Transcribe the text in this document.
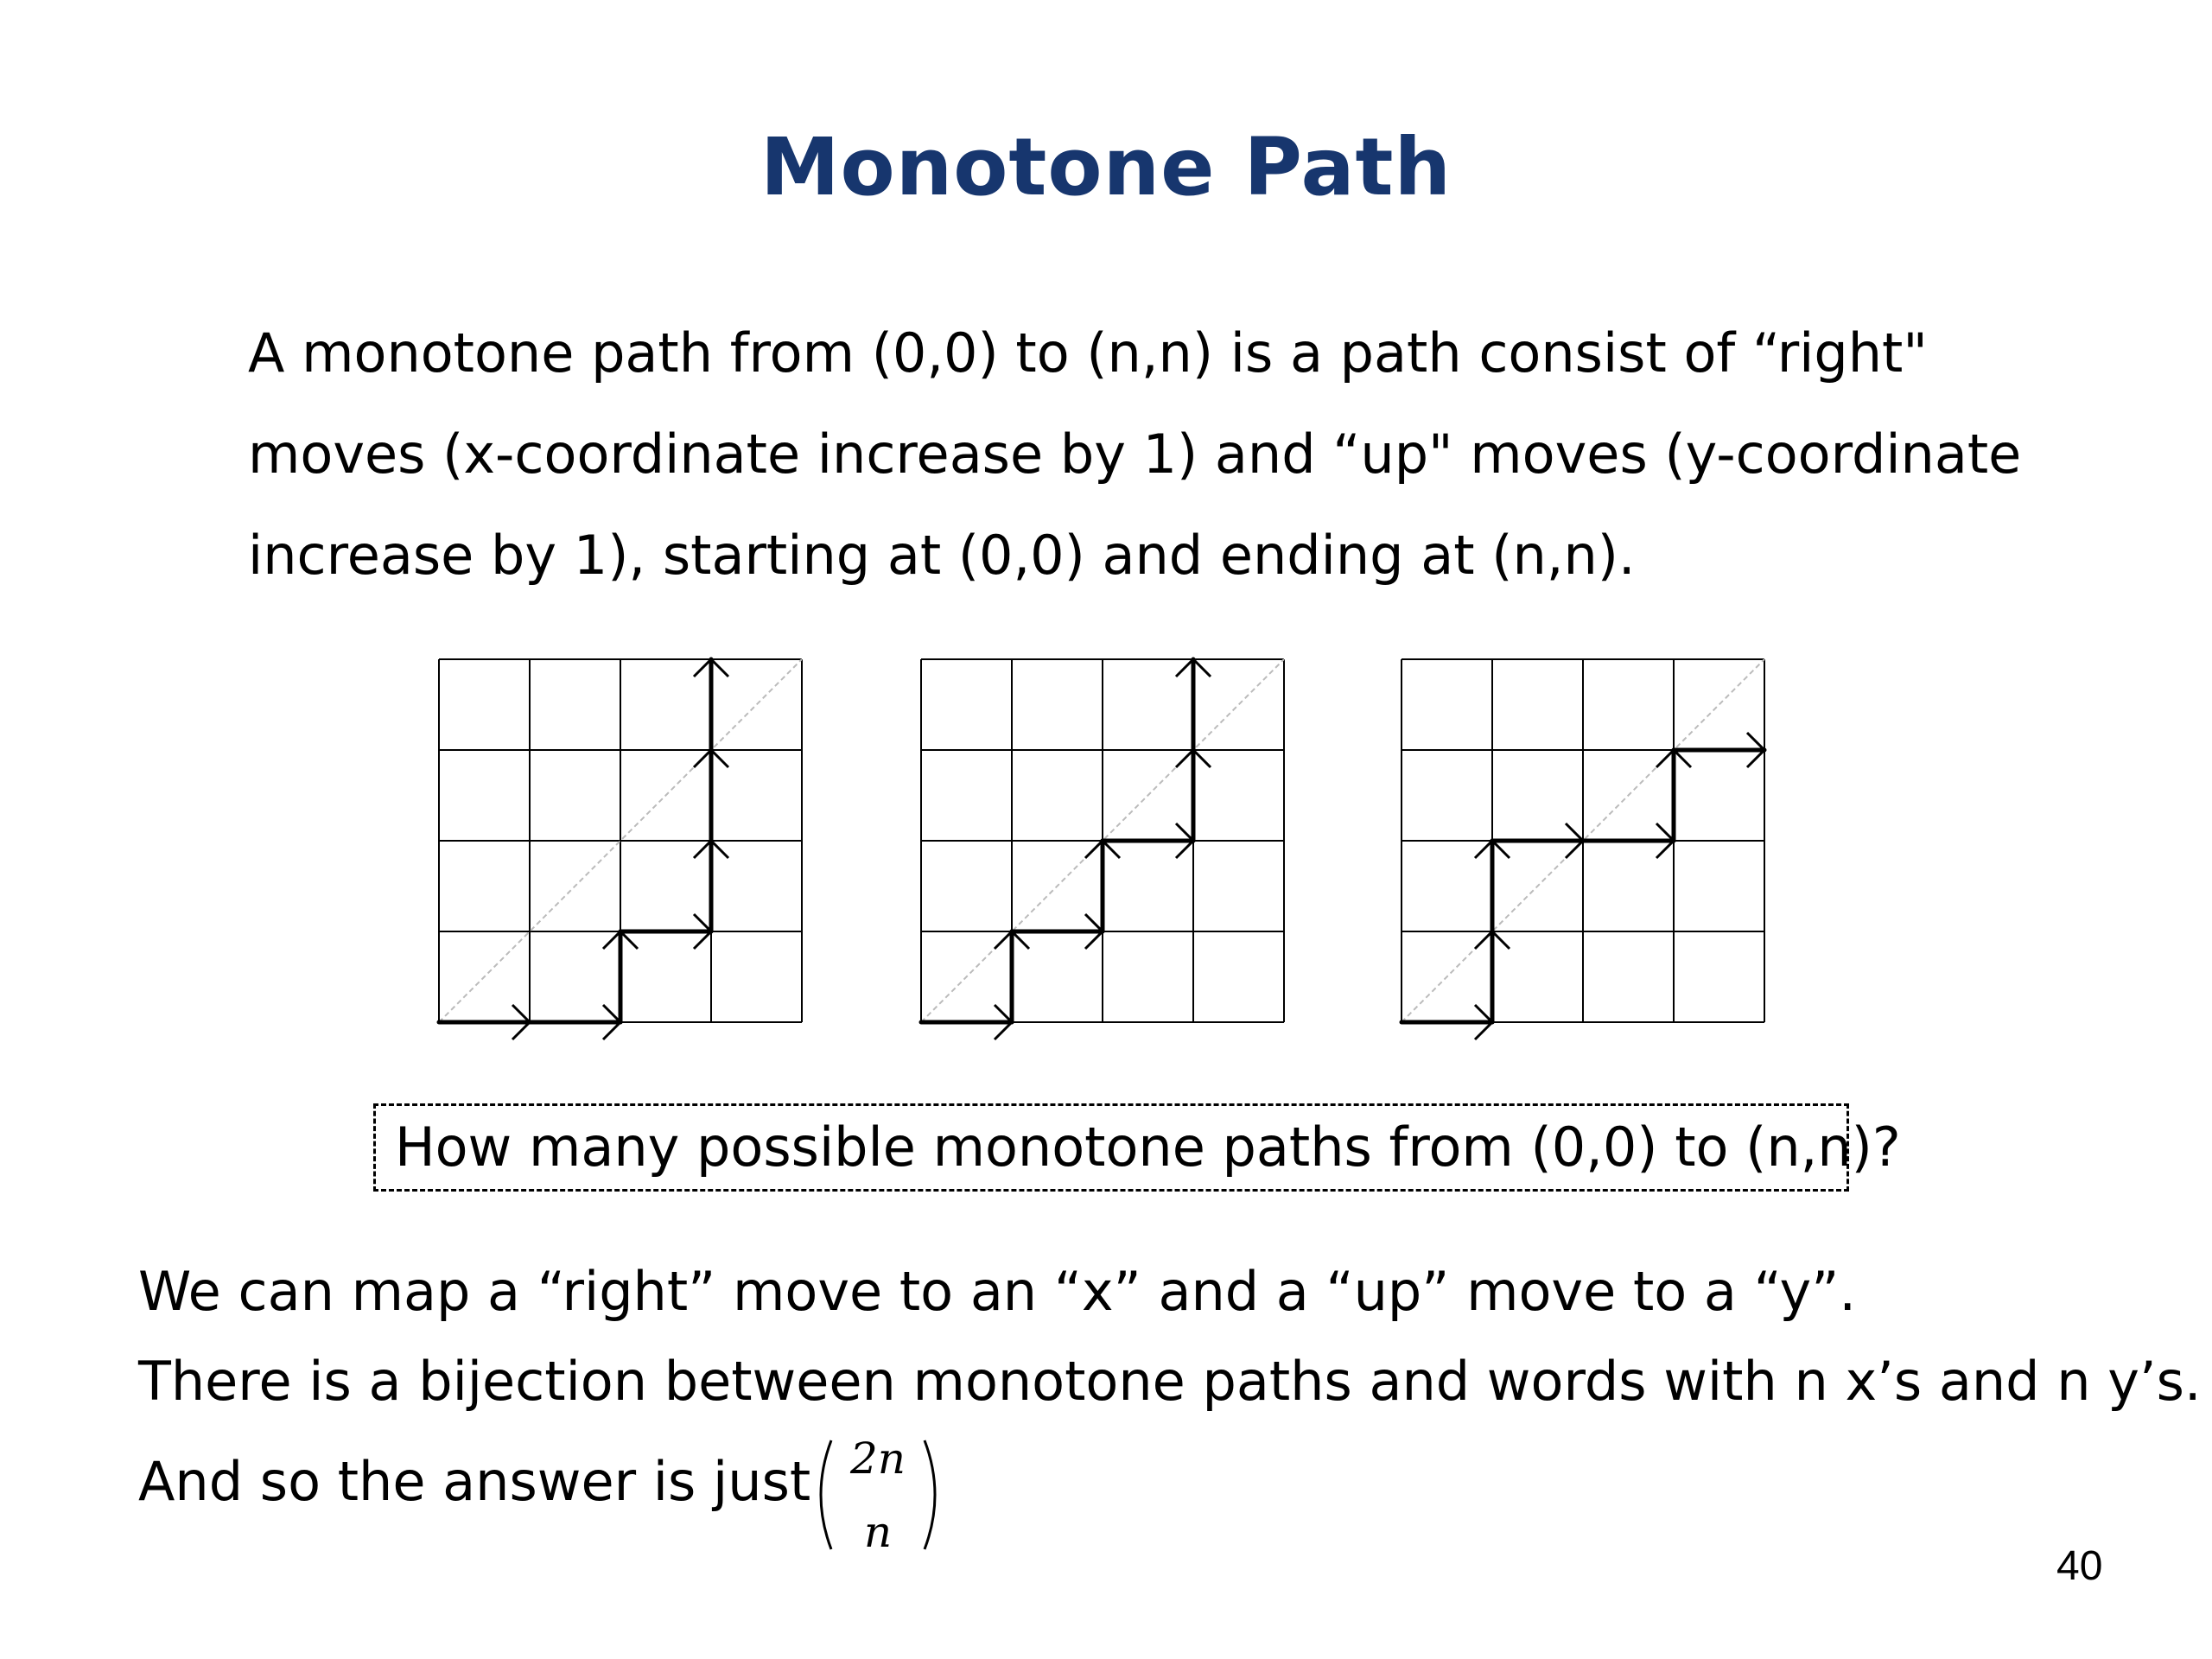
Monotone Path
A monotone path from (0,0) to (n,n) is a path consist of “right"
moves (x-coordinate increase by 1) and “up" moves (y-coordinate
increase by 1), starting at (0,0) and ending at (n,n).
How many possible monotone paths from (0,0) to (n,n)?
We can map a “right” move to an “x” and a “up” move to a “y”.
There is a bijection between monotone paths and words with n x’s and n y’s.
And so the answer is just 2n
n
40
